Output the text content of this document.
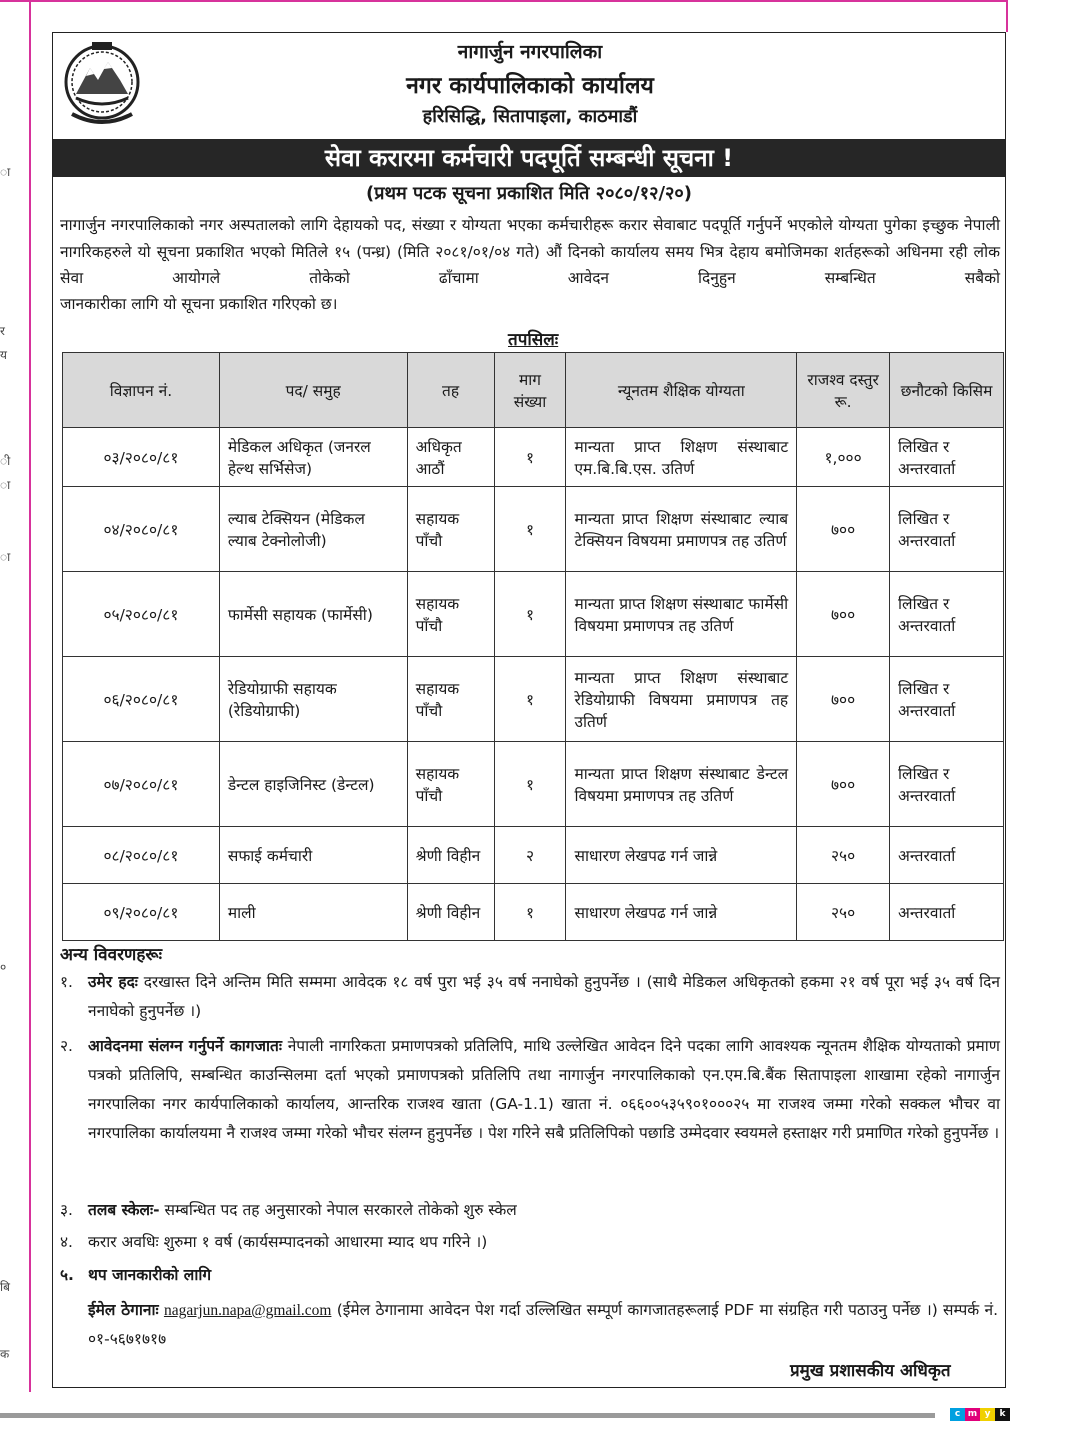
c m y	k
ा
र
य
ी
ा
ा
०
बि
क
नागार्जुन नगरपालिका
नगर कार्यपालिकाको कार्यालय
हरिसिद्धि, सितापाइला, काठमाडौं
सेवा करारमा कर्मचारी पदपूर्ति सम्बन्धी सूचना !
(प्रथम पटक सूचना प्रकाशित मिति २०८०/१२/२०)

नागार्जुन नगरपालिकाको नगर अस्पतालको लागि देहायको पद, संख्या र योग्यता भएका कर्मचारीहरू करार सेवाबाट पदपूर्ति गर्नुपर्ने भएकोले योग्यता पुगेका इच्छुक नेपाली नागरिकहरुले यो सूचना प्रकाशित भएको मितिले १५ (पन्ध्र) (मिति २०८१/०१/०४ गते) औं दिनको कार्यालय समय भित्र देहाय बमोजिमका शर्तहरूको अधिनमा रही लोक सेवा आयोगले तोकेको ढाँचामा आवेदन दिनुहुन सम्बन्धित सबैको

जानकारीका लागि यो सूचना प्रकाशित गरिएको छ।

तपसिलः
विज्ञापन नं.	पद/ समुह	तह	माग संख्या	न्यूनतम शैक्षिक योग्यता	राजश्व दस्तुर रू.	छनौटको किसिम
०३/२०८०/८१	मेडिकल अधिकृत (जनरल हेल्थ सर्भिसेज)	अधिकृत आठौं	१	मान्यता प्राप्त शिक्षण संस्थाबाट एम.बि.बि.एस. उतिर्ण	१,०००	लिखित र अन्तरवार्ता
०४/२०८०/८१	ल्याब टेक्सियन (मेडिकल ल्याब टेक्नोलोजी)	सहायक पाँचौ	१	मान्यता प्राप्त शिक्षण संस्थाबाट ल्याब टेक्सियन विषयमा प्रमाणपत्र तह उतिर्ण	७००	लिखित र अन्तरवार्ता
०५/२०८०/८१	फार्मेसी सहायक (फार्मेसी)	सहायक पाँचौ	१	मान्यता प्राप्त शिक्षण संस्थाबाट फार्मेसी विषयमा प्रमाणपत्र तह उतिर्ण	७००	लिखित र अन्तरवार्ता
०६/२०८०/८१	रेडियोग्राफी सहायक (रेडियोग्राफी)	सहायक पाँचौ	१	मान्यता प्राप्त शिक्षण संस्थाबाट रेडियोग्राफी विषयमा प्रमाणपत्र तह उतिर्ण	७००	लिखित र अन्तरवार्ता
०७/२०८०/८१	डेन्टल हाइजिनिस्ट (डेन्टल)	सहायक पाँचौ	१	मान्यता प्राप्त शिक्षण संस्थाबाट डेन्टल विषयमा प्रमाणपत्र तह उतिर्ण	७००	लिखित र अन्तरवार्ता
०८/२०८०/८१	सफाई कर्मचारी	श्रेणी विहीन	२	साधारण लेखपढ गर्न जान्ने	२५०	अन्तरवार्ता
०९/२०८०/८१	माली	श्रेणी विहीन	१	साधारण लेखपढ गर्न जान्ने	२५०	अन्तरवार्ता
अन्य विवरणहरूः
१. उमेर हदः दरखास्त दिने अन्तिम मिति सम्ममा आवेदक १८ वर्ष पुरा भई ३५ वर्ष ननाघेको हुनुपर्नेछ । (साथै मेडिकल अधिकृतको हकमा २१ वर्ष पूरा भई ३५ वर्ष दिन ननाघेको हुनुपर्नेछ ।)
२. आवेदनमा संलग्न गर्नुपर्ने कागजातः नेपाली नागरिकता प्रमाणपत्रको प्रतिलिपि, माथि उल्लेखित आवेदन दिने पदका लागि आवश्यक न्यूनतम शैक्षिक योग्यताको प्रमाण पत्रको प्रतिलिपि, सम्बन्धित काउन्सिलमा दर्ता भएको प्रमाणपत्रको प्रतिलिपि तथा नागार्जुन नगरपालिकाको एन.एम.बि.बैंक सितापाइला शाखामा रहेको नागार्जुन नगरपालिका नगर कार्यपालिकाको कार्यालय, आन्तरिक राजश्व खाता (GA-1.1) खाता नं. ०६६००५३५९०१०००२५ मा राजश्व जम्मा गरेको सक्कल भौचर वा नगरपालिका कार्यालयमा नै राजश्व जम्मा गरेको भौचर संलग्न हुनुपर्नेछ । पेश गरिने सबै प्रतिलिपिको पछाडि उम्मेदवार स्वयमले हस्ताक्षर गरी प्रमाणित गरेको हुनुपर्नेछ ।
३. तलब स्केलः- सम्बन्धित पद तह अनुसारको नेपाल सरकारले तोकेको शुरु स्केल
४. करार अवधिः शुरुमा १ वर्ष (कार्यसम्पादनको आधारमा म्याद थप गरिने ।)
५. थप जानकारीको लागि
ईमेल ठेगानाः nagarjun.napa@gmail.com (ईमेल ठेगानामा आवेदन पेश गर्दा उल्लिखित सम्पूर्ण कागजातहरूलाई PDF मा संग्रहित गरी पठाउनु पर्नेछ ।) सम्पर्क नं. ०१-५६७१७१७
प्रमुख प्रशासकीय अधिकृत
